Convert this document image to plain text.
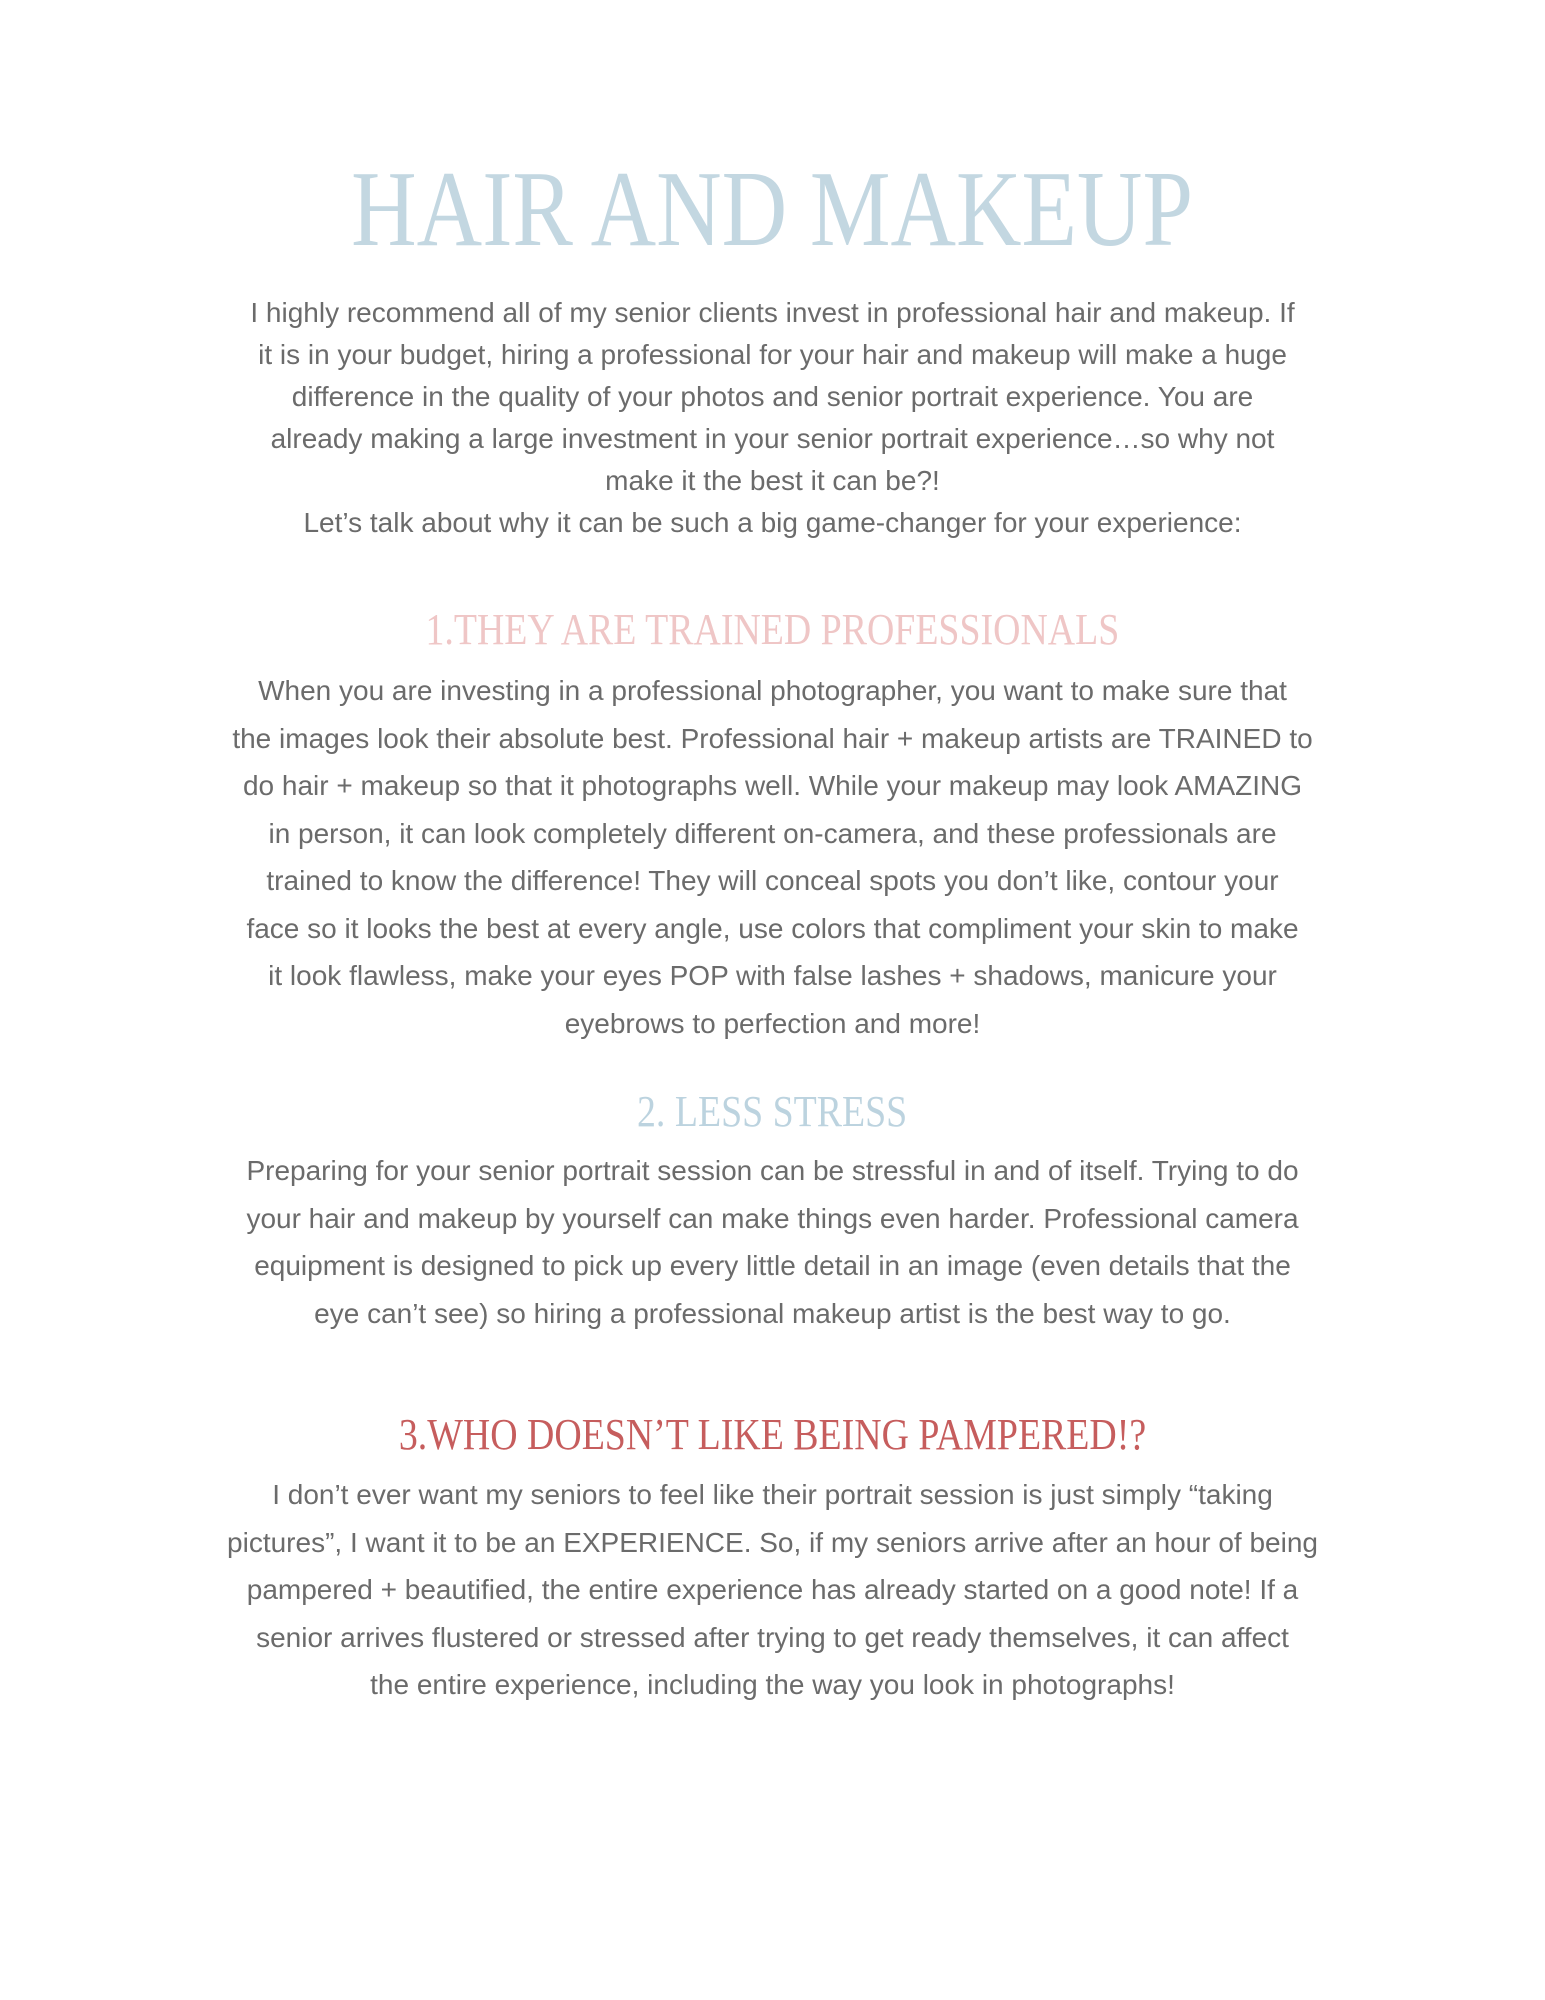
HAIR AND MAKEUP
I highly recommend all of my senior clients invest in professional hair and makeup. If
it is in your budget, hiring a professional for your hair and makeup will make a huge
difference in the quality of your photos and senior portrait experience. You are
already making a large investment in your senior portrait experience…so why not
make it the best it can be?!
Let’s talk about why it can be such a big game-changer for your experience:
1.THEY ARE TRAINED PROFESSIONALS
When you are investing in a professional photographer, you want to make sure that
the images look their absolute best. Professional hair + makeup artists are TRAINED to
do hair + makeup so that it photographs well. While your makeup may look AMAZING
in person, it can look completely different on-camera, and these professionals are
trained to know the difference! They will conceal spots you don’t like, contour your
face so it looks the best at every angle, use colors that compliment your skin to make
it look flawless, make your eyes POP with false lashes + shadows, manicure your
eyebrows to perfection and more!
2. LESS STRESS
Preparing for your senior portrait session can be stressful in and of itself. Trying to do
your hair and makeup by yourself can make things even harder. Professional camera
equipment is designed to pick up every little detail in an image (even details that the
eye can’t see) so hiring a professional makeup artist is the best way to go.
3.WHO DOESN’T LIKE BEING PAMPERED!?
I don’t ever want my seniors to feel like their portrait session is just simply “taking
pictures”, I want it to be an EXPERIENCE. So, if my seniors arrive after an hour of being
pampered + beautified, the entire experience has already started on a good note! If a
senior arrives flustered or stressed after trying to get ready themselves, it can affect
the entire experience, including the way you look in photographs!
